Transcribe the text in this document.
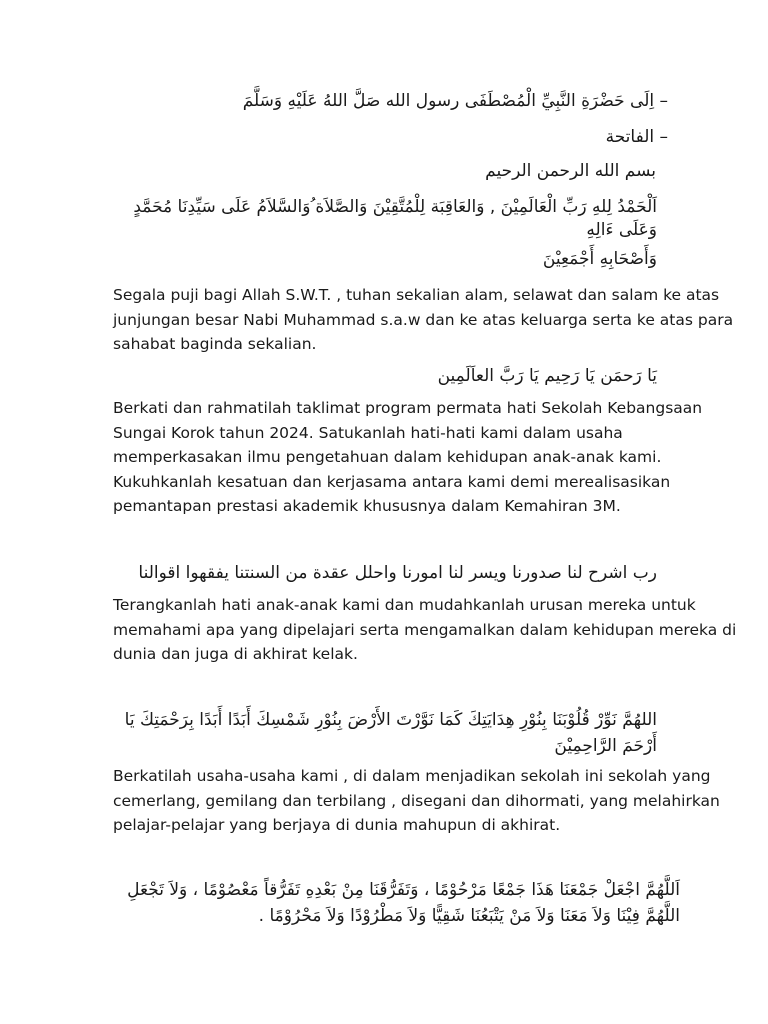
– اِلَى حَضْرَةِ النَّبِيِّ الْمُصْطَفَى رسول الله صَلَّ اللهُ عَلَيْهِ وَسَلَّمَ
– الفاتحة
بسم الله الرحمن الرحيم
اَلْحَمْدُ لِلهِ رَبِّ الْعَالَمِيْنَ , وَالعَاقِبَة لِلْمُتَّقِيْنَ وَالصَّلاَة ُوَالسَّلاَمُ عَلَى سَيِّدِنَا مُحَمَّدٍ
وَعَلَى ءَالِهِ
وَأَصْحَابِهِ أَجْمَعِيْنَ
Segala puji bagi Allah S.W.T. , tuhan sekalian alam, selawat dan salam ke atas
junjungan besar Nabi Muhammad s.a.w dan ke atas keluarga serta ke atas para
sahabat baginda sekalian.
يَا رَحمَن يَا رَحِيم يَا رَبَّ العاَلَمِين
Berkati dan rahmatilah taklimat program permata hati Sekolah Kebangsaan
Sungai Korok tahun 2024. Satukanlah hati-hati kami dalam usaha
memperkasakan ilmu pengetahuan dalam kehidupan anak-anak kami.
Kukuhkanlah kesatuan dan kerjasama antara kami demi merealisasikan
pemantapan prestasi akademik khususnya dalam Kemahiran 3M.
رب اشرح لنا صدورنا ويسر لنا امورنا واحلل عقدة من السنتنا يفقهوا اقوالنا
Terangkanlah hati anak-anak kami dan mudahkanlah urusan mereka untuk
memahami apa yang dipelajari serta mengamalkan dalam kehidupan mereka di
dunia dan juga di akhirat kelak.
اللهُمَّ نَوِّرْ قُلُوْبَنَا بِنُوْرِ هِدَايَتِكَ كَمَا نَوَّرْتَ الأَرْضَ بِنُوْرِ شَمْسِكَ أَبَدًا أَبَدًا بِرَحْمَتِكَ يَا
أَرْحَمَ الرَّاحِمِيْنَ
Berkatilah usaha-usaha kami , di dalam menjadikan sekolah ini sekolah yang
cemerlang, gemilang dan terbilang , disegani dan dihormati, yang melahirkan
pelajar-pelajar yang berjaya di dunia mahupun di akhirat.
اَللَّهُمَّ اجْعَلْ جَمْعَنَا هَذَا جَمْعًا مَرْحُوْمًا ، وَتَفَرُّقَنَا مِنْ بَعْدِهِ تَفَرُّقاً مَعْصُوْمًا ، وَلاَ تَجْعَلِ
اللَّهُمَّ فِيْنَا وَلاَ مَعَنَا وَلاَ مَنْ يَتْبَعُنَا شَقِيًّا وَلاَ مَطْرُوْدًا وَلاَ مَحْرُوْمًا .
